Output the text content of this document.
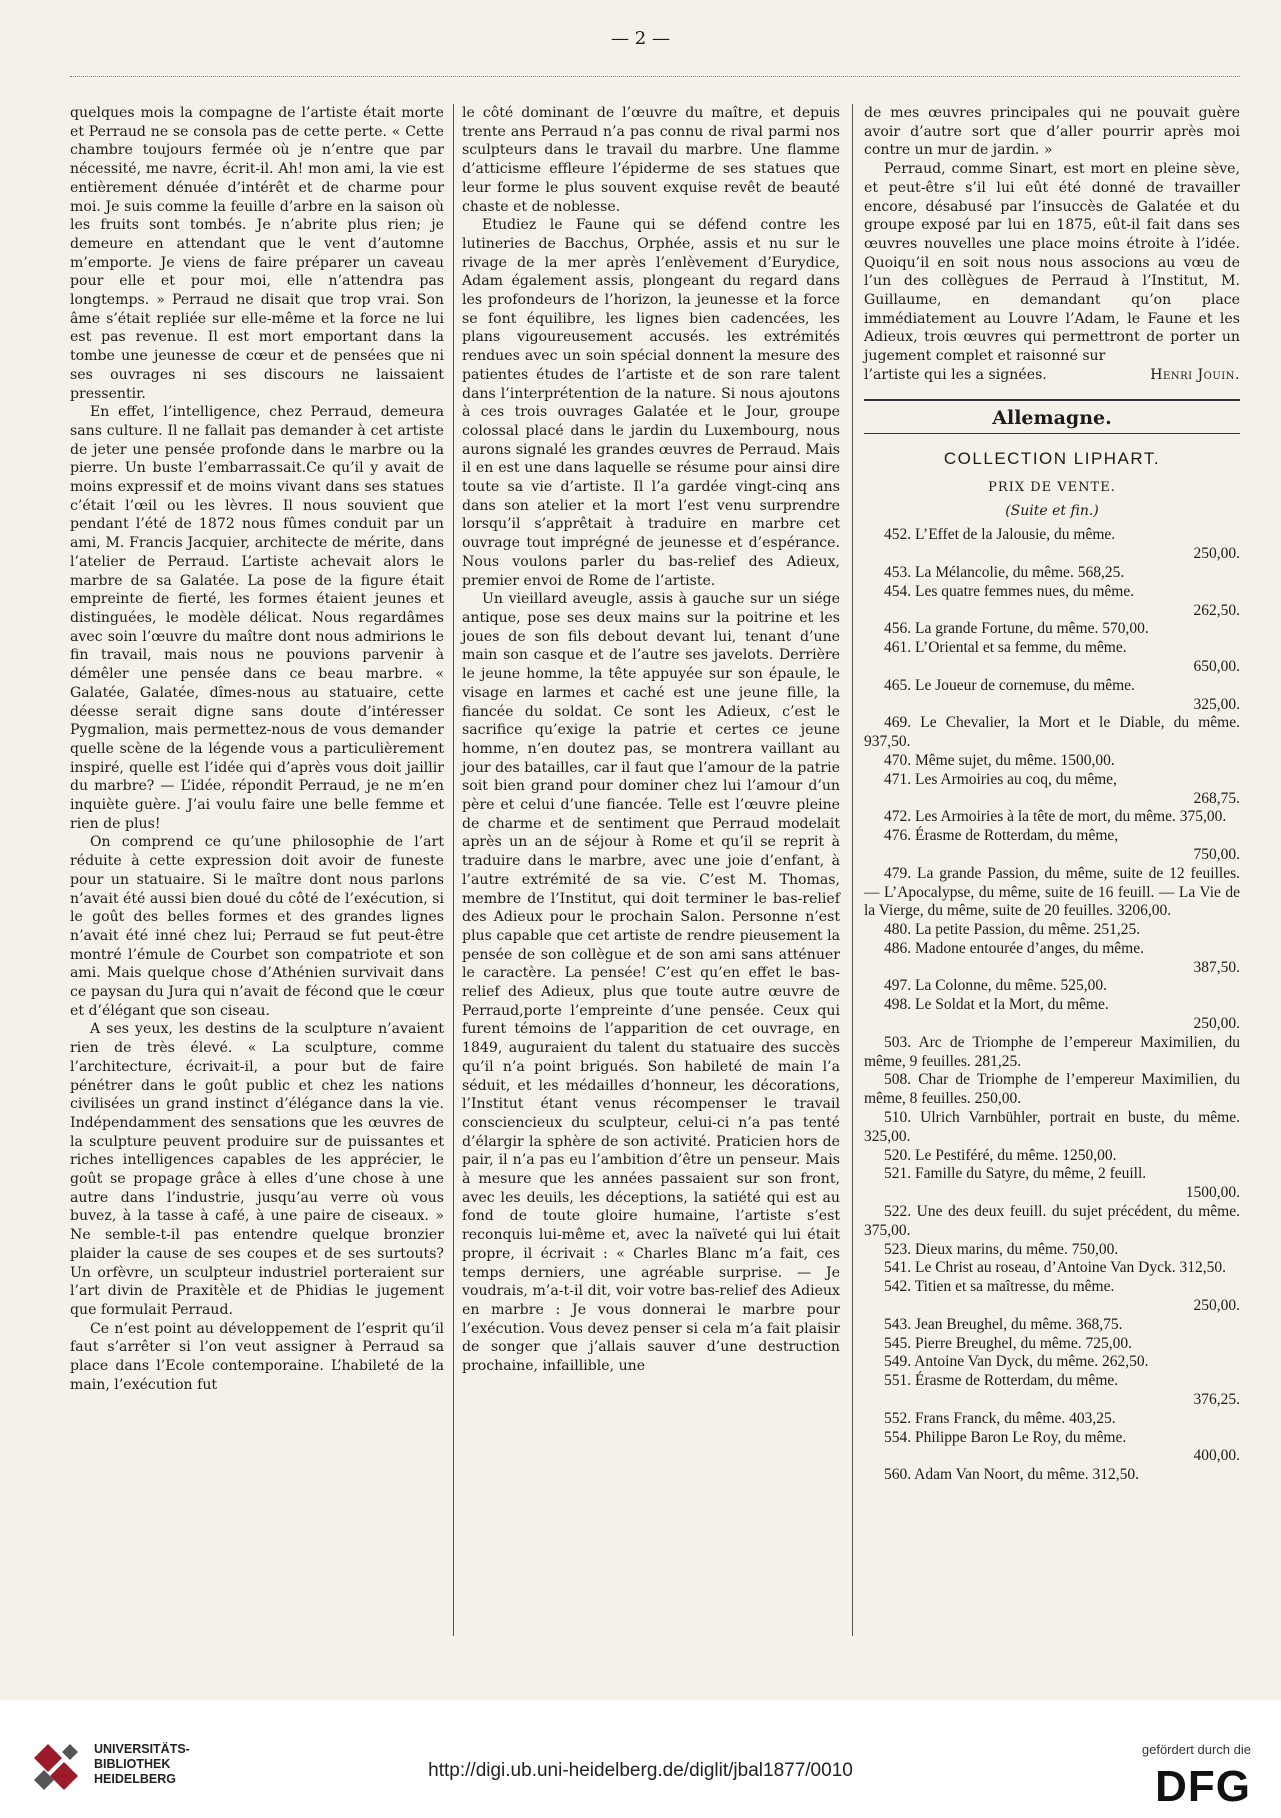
— 2 —

quelques mois la compagne de l’artiste était morte et Perraud ne se consola pas de cette perte. « Cette chambre toujours fermée où je n’entre que par nécessité, me navre, écrit-il. Ah! mon ami, la vie est entièrement dénuée d’intérêt et de charme pour moi. Je suis comme la feuille d’arbre en la saison où les fruits sont tombés. Je n’abrite plus rien; je demeure en attendant que le vent d’automne m’emporte. Je viens de faire préparer un caveau pour elle et pour moi, elle n’attendra pas longtemps. » Perraud ne disait que trop vrai. Son âme s’était repliée sur elle-même et la force ne lui est pas revenue. Il est mort emportant dans la tombe une jeunesse de cœur et de pensées que ni ses ouvrages ni ses discours ne laissaient pressentir.

En effet, l’intelligence, chez Perraud, demeura sans culture. Il ne fallait pas demander à cet artiste de jeter une pensée profonde dans le marbre ou la pierre. Un buste l’embarrassait.Ce qu’il y avait de moins expressif et de moins vivant dans ses statues c’était l’œil ou les lèvres. Il nous souvient que pendant l’été de 1872 nous fûmes conduit par un ami, M. Francis Jacquier, architecte de mérite, dans l’atelier de Perraud. L’artiste achevait alors le marbre de sa Galatée. La pose de la figure était empreinte de fierté, les formes étaient jeunes et distinguées, le modèle délicat. Nous regardâmes avec soin l’œuvre du maître dont nous admirions le fin travail, mais nous ne pouvions parvenir à démêler une pensée dans ce beau marbre. « Galatée, Galatée, dîmes-nous au statuaire, cette déesse serait digne sans doute d’intéresser Pygmalion, mais permettez-nous de vous demander quelle scène de la légende vous a particulièrement inspiré, quelle est l’idée qui d’après vous doit jaillir du marbre? — L’idée, répondit Perraud, je ne m’en inquiète guère. J’ai voulu faire une belle femme et rien de plus!

On comprend ce qu’une philosophie de l’art réduite à cette expression doit avoir de funeste pour un statuaire. Si le maître dont nous parlons n’avait été aussi bien doué du côté de l’exécution, si le goût des belles formes et des grandes lignes n’avait été inné chez lui; Perraud se fut peut-être montré l’émule de Courbet son compatriote et son ami. Mais quelque chose d’Athénien survivait dans ce paysan du Jura qui n’avait de fécond que le cœur et d’élégant que son ciseau.

A ses yeux, les destins de la sculpture n’avaient rien de très élevé. « La sculpture, comme l’architecture, écrivait-il, a pour but de faire pénétrer dans le goût public et chez les nations civilisées un grand instinct d’élégance dans la vie. Indépendamment des sensations que les œuvres de la sculpture peuvent produire sur de puissantes et riches intelligences capables de les apprécier, le goût se propage grâce à elles d’une chose à une autre dans l’industrie, jusqu’au verre où vous buvez, à la tasse à café, à une paire de ciseaux. » Ne semble-t-il pas entendre quelque bronzier plaider la cause de ses coupes et de ses surtouts? Un orfèvre, un sculpteur industriel porteraient sur l’art divin de Praxitèle et de Phidias le jugement que formulait Perraud.

Ce n’est point au développement de l’esprit qu’il faut s’arrêter si l’on veut assigner à Perraud sa place dans l’Ecole contemporaine. L’habileté de la main, l’exécution fut

le côté dominant de l’œuvre du maître, et depuis trente ans Perraud n’a pas connu de rival parmi nos sculpteurs dans le travail du marbre. Une flamme d’atticisme effleure l’épiderme de ses statues que leur forme le plus souvent exquise revêt de beauté chaste et de noblesse.

Etudiez le Faune qui se défend contre les lutineries de Bacchus, Orphée, assis et nu sur le rivage de la mer après l’enlèvement d’Eurydice, Adam également assis, plongeant du regard dans les profondeurs de l’horizon, la jeunesse et la force se font équilibre, les lignes bien cadencées, les plans vigoureusement accusés. les extrémités rendues avec un soin spécial donnent la mesure des patientes études de l’artiste et de son rare talent dans l’interprétention de la nature. Si nous ajoutons à ces trois ouvrages Galatée et le Jour, groupe colossal placé dans le jardin du Luxembourg, nous aurons signalé les grandes œuvres de Perraud. Mais il en est une dans laquelle se résume pour ainsi dire toute sa vie d’artiste. Il l’a gardée vingt-cinq ans dans son atelier et la mort l’est venu surprendre lorsqu’il s’apprêtait à traduire en marbre cet ouvrage tout imprégné de jeunesse et d’espérance. Nous voulons parler du bas-relief des Adieux, premier envoi de Rome de l’artiste.

Un vieillard aveugle, assis à gauche sur un siége antique, pose ses deux mains sur la poitrine et les joues de son fils debout devant lui, tenant d’une main son casque et de l’autre ses javelots. Derrière le jeune homme, la tête appuyée sur son épaule, le visage en larmes et caché est une jeune fille, la fiancée du soldat. Ce sont les Adieux, c’est le sacrifice qu’exige la patrie et certes ce jeune homme, n’en doutez pas, se montrera vaillant au jour des batailles, car il faut que l’amour de la patrie soit bien grand pour dominer chez lui l’amour d’un père et celui d’une fiancée. Telle est l’œuvre pleine de charme et de sentiment que Perraud modelait après un an de séjour à Rome et qu’il se reprit à traduire dans le marbre, avec une joie d’enfant, à l’autre extrémité de sa vie. C’est M. Thomas, membre de l’Institut, qui doit terminer le bas-relief des Adieux pour le prochain Salon. Personne n’est plus capable que cet artiste de rendre pieusement la pensée de son collègue et de son ami sans atténuer le caractère. La pensée! C’est qu’en effet le bas-relief des Adieux, plus que toute autre œuvre de Perraud,porte l’empreinte d’une pensée. Ceux qui furent témoins de l’apparition de cet ouvrage, en 1849, auguraient du talent du statuaire des succès qu’il n’a point brigués. Son habileté de main l’a séduit, et les médailles d’honneur, les décorations, l’Institut étant venus récompenser le travail consciencieux du sculpteur, celui-ci n’a pas tenté d’élargir la sphère de son activité. Praticien hors de pair, il n’a pas eu l’ambition d’être un penseur. Mais à mesure que les années passaient sur son front, avec les deuils, les déceptions, la satiété qui est au fond de toute gloire humaine, l’artiste s’est reconquis lui-même et, avec la naïveté qui lui était propre, il écrivait : « Charles Blanc m’a fait, ces temps derniers, une agréable surprise. — Je voudrais, m’a-t-il dit, voir votre bas-relief des Adieux en marbre : Je vous donnerai le marbre pour l’exécution. Vous devez penser si cela m’a fait plaisir de songer que j’allais sauver d’une destruction prochaine, infaillible, une

de mes œuvres principales qui ne pouvait guère avoir d’autre sort que d’aller pourrir après moi contre un mur de jardin. »

Perraud, comme Sinart, est mort en pleine sève, et peut-être s’il lui eût été donné de travailler encore, désabusé par l’insuccès de Galatée et du groupe exposé par lui en 1875, eût-il fait dans ses œuvres nouvelles une place moins étroite à l’idée. Quoiqu’il en soit nous nous associons au vœu de l’un des collègues de Perraud à l’Institut, M. Guillaume, en demandant qu’on place immédiatement au Louvre l’Adam, le Faune et les Adieux, trois œuvres qui permettront de porter un jugement complet et raisonné sur

l’artiste qui les a signées.	Henri Jouin.
Allemagne.
COLLECTION LIPHART.
PRIX DE VENTE.
(Suite et fin.)
452. L’Effet de la Jalousie, du même.
250,00.
453. La Mélancolie, du même. 568,25.
454. Les quatre femmes nues, du même.
262,50.
456. La grande Fortune, du même. 570,00.
461. L’Oriental et sa femme, du même.
650,00.
465. Le Joueur de cornemuse, du même.
325,00.
469. Le Chevalier, la Mort et le Diable, du même. 937,50.
470. Même sujet, du même. 1500,00.
471. Les Armoiries au coq, du même,
268,75.
472. Les Armoiries à la tête de mort, du même. 375,00.
476. Érasme de Rotterdam, du même,
750,00.
479. La grande Passion, du même, suite de 12 feuilles. — L’Apocalypse, du même, suite de 16 feuill. — La Vie de la Vierge, du même, suite de 20 feuilles. 3206,00.
480. La petite Passion, du même. 251,25.
486. Madone entourée d’anges, du même.
387,50.
497. La Colonne, du même. 525,00.
498. Le Soldat et la Mort, du même.
250,00.
503. Arc de Triomphe de l’empereur Maximilien, du même, 9 feuilles. 281,25.
508. Char de Triomphe de l’empereur Maximilien, du même, 8 feuilles. 250,00.
510. Ulrich Varnbühler, portrait en buste, du même. 325,00.
520. Le Pestiféré, du même. 1250,00.
521. Famille du Satyre, du même, 2 feuill.
1500,00.
522. Une des deux feuill. du sujet précédent, du même. 375,00.
523. Dieux marins, du même. 750,00.
541. Le Christ au roseau, d’Antoine Van Dyck. 312,50.
542. Titien et sa maîtresse, du même.
250,00.
543. Jean Breughel, du même. 368,75.
545. Pierre Breughel, du même. 725,00.
549. Antoine Van Dyck, du même. 262,50.
551. Érasme de Rotterdam, du même.
376,25.
552. Frans Franck, du même. 403,25.
554. Philippe Baron Le Roy, du même.
400,00.
560. Adam Van Noort, du même. 312,50.
UNIVERSITÄTS-
BIBLIOTHEK
HEIDELBERG	http://digi.ub.uni-heidelberg.de/diglit/jbal1877/0010
gefördert durch die
DFG
